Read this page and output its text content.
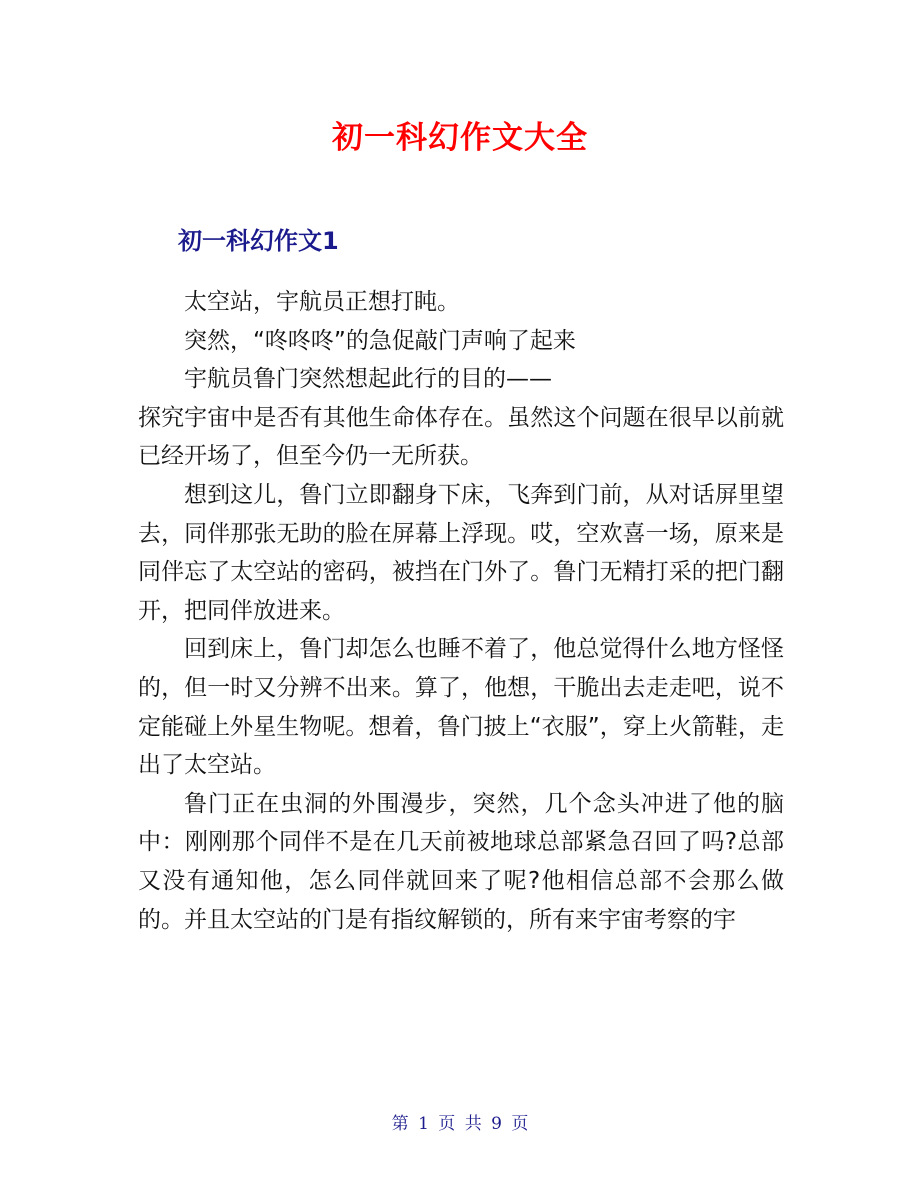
初一科幻作文大全
初一科幻作文1

太空站，宇航员正想打盹。

突然，“咚咚咚”的急促敲门声响了起来

宇航员鲁门突然想起此行的目的——

探究宇宙中是否有其他生命体存在。虽然这个问题在很早以前就已经开场了，但至今仍一无所获。

想到这儿，鲁门立即翻身下床，飞奔到门前，从对话屏里望去，同伴那张无助的脸在屏幕上浮现。哎，空欢喜一场，原来是同伴忘了太空站的密码，被挡在门外了。鲁门无精打采的把门翻开，把同伴放进来。

回到床上，鲁门却怎么也睡不着了，他总觉得什么地方怪怪的，但一时又分辨不出来。算了，他想，干脆出去走走吧，说不定能碰上外星生物呢。想着，鲁门披上“衣服”，穿上火箭鞋，走出了太空站。

鲁门正在虫洞的外围漫步，突然，几个念头冲进了他的脑中：刚刚那个同伴不是在几天前被地球总部紧急召回了吗?总部又没有通知他，怎么同伴就回来了呢?他相信总部不会那么做的。并且太空站的门是有指纹解锁的，所有来宇宙考察的宇

第 1 页 共 9 页
